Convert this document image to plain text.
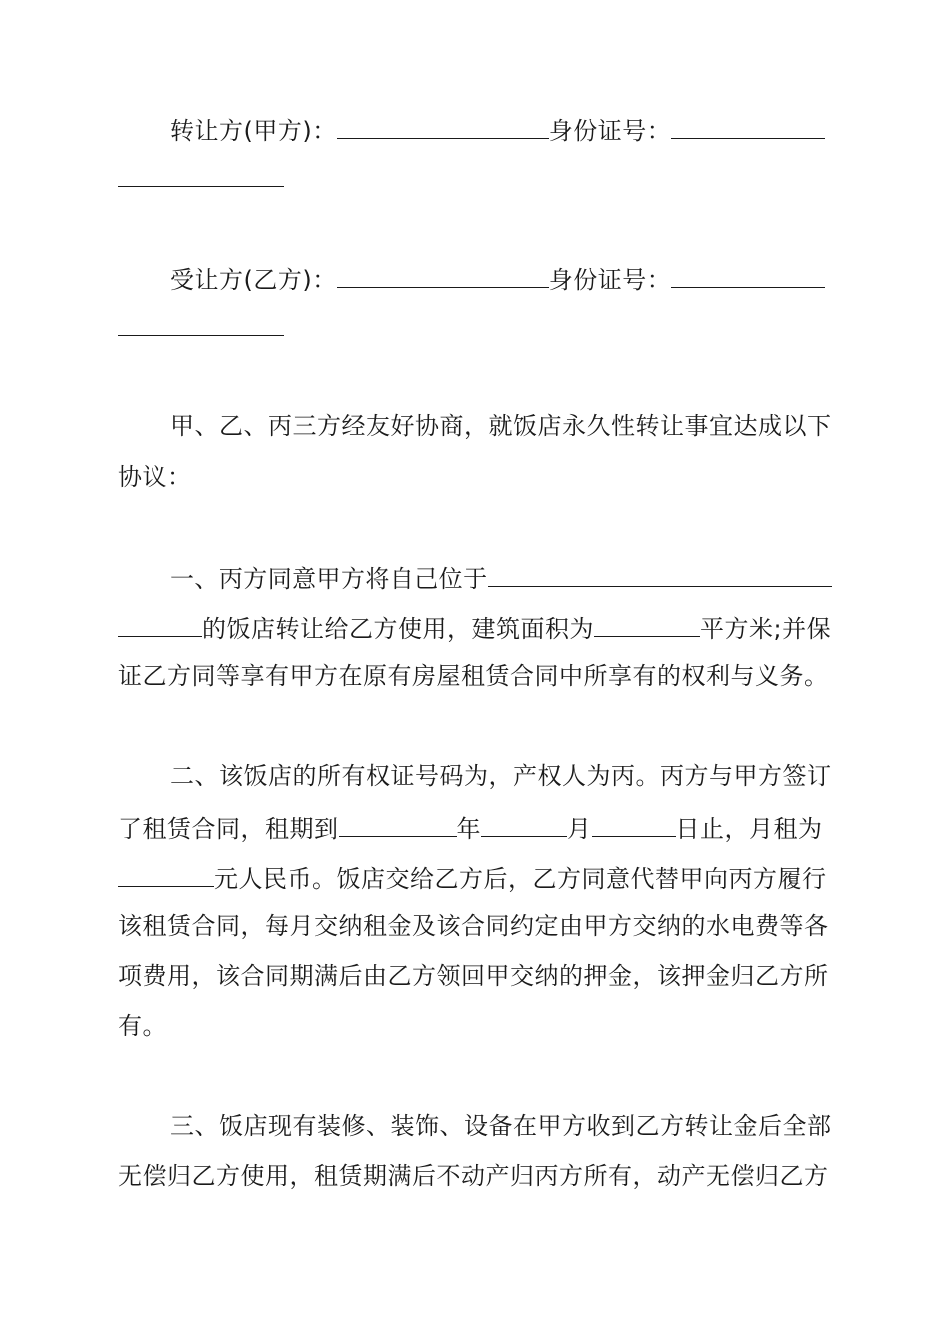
转让方(甲方)：	身份证号：
受让方(乙方)：	身份证号：
甲、乙、丙三方经友好协商，就饭店永久性转让事宜达成以下
协议：
一、丙方同意甲方将自己位于
的饭店转让给乙方使用，建筑面积为	平方米;并保
证乙方同等享有甲方在原有房屋租赁合同中所享有的权利与义务。
二、该饭店的所有权证号码为，产权人为丙。丙方与甲方签订
了租赁合同，租期到	年	月	日止，月租为
元人民币。饭店交给乙方后，乙方同意代替甲向丙方履行
该租赁合同，每月交纳租金及该合同约定由甲方交纳的水电费等各
项费用，该合同期满后由乙方领回甲交纳的押金，该押金归乙方所
有。
三、饭店现有装修、装饰、设备在甲方收到乙方转让金后全部
无偿归乙方使用，租赁期满后不动产归丙方所有，动产无偿归乙方
